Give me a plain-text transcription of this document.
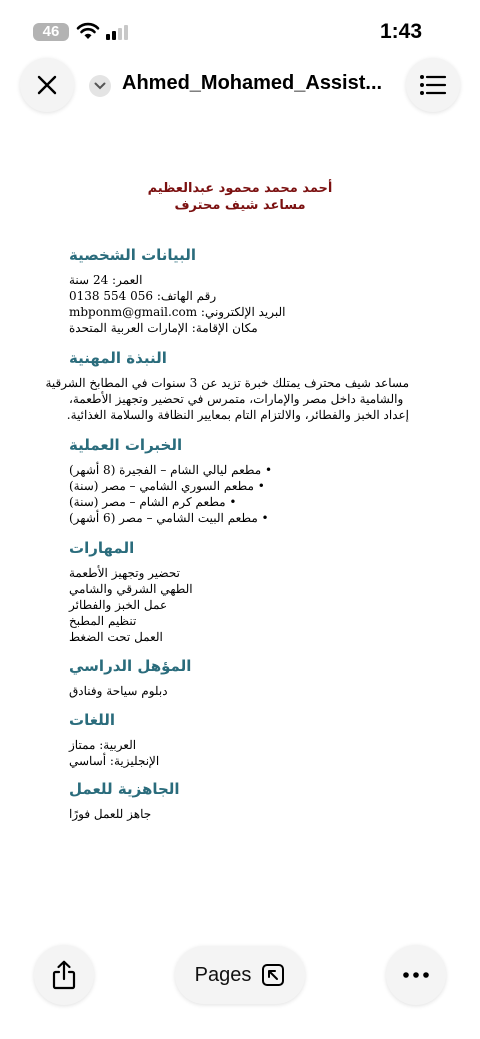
46	1:43
Ahmed_Mohamed_Assist...
أحمد محمد محمود عبدالعظيم
مساعد شيف محترف
البيانات الشخصية
العمر: 24 سنة
رقم الهاتف: 056 554 0138
البريد الإلكتروني: mbponm@gmail.com
مكان الإقامة: الإمارات العربية المتحدة
النبذة المهنية
مساعد شيف محترف يمتلك خبرة تزيد عن 3 سنوات في المطابخ الشرقية
والشامية داخل مصر والإمارات، متمرس في تحضير وتجهيز الأطعمة،
إعداد الخبز والفطائر، والالتزام التام بمعايير النظافة والسلامة الغذائية.
الخبرات العملية
• مطعم ليالي الشام – الفجيرة (8 أشهر)
• مطعم السوري الشامي – مصر (سنة)
• مطعم كرم الشام – مصر (سنة)
• مطعم البيت الشامي – مصر (6 أشهر)
المهارات
تحضير وتجهيز الأطعمة
الطهي الشرقي والشامي
عمل الخبز والفطائر
تنظيم المطبخ
العمل تحت الضغط
المؤهل الدراسي
دبلوم سياحة وفنادق
اللغات
العربية: ممتاز
الإنجليزية: أساسي
الجاهزية للعمل
جاهز للعمل فورًا
Pages
